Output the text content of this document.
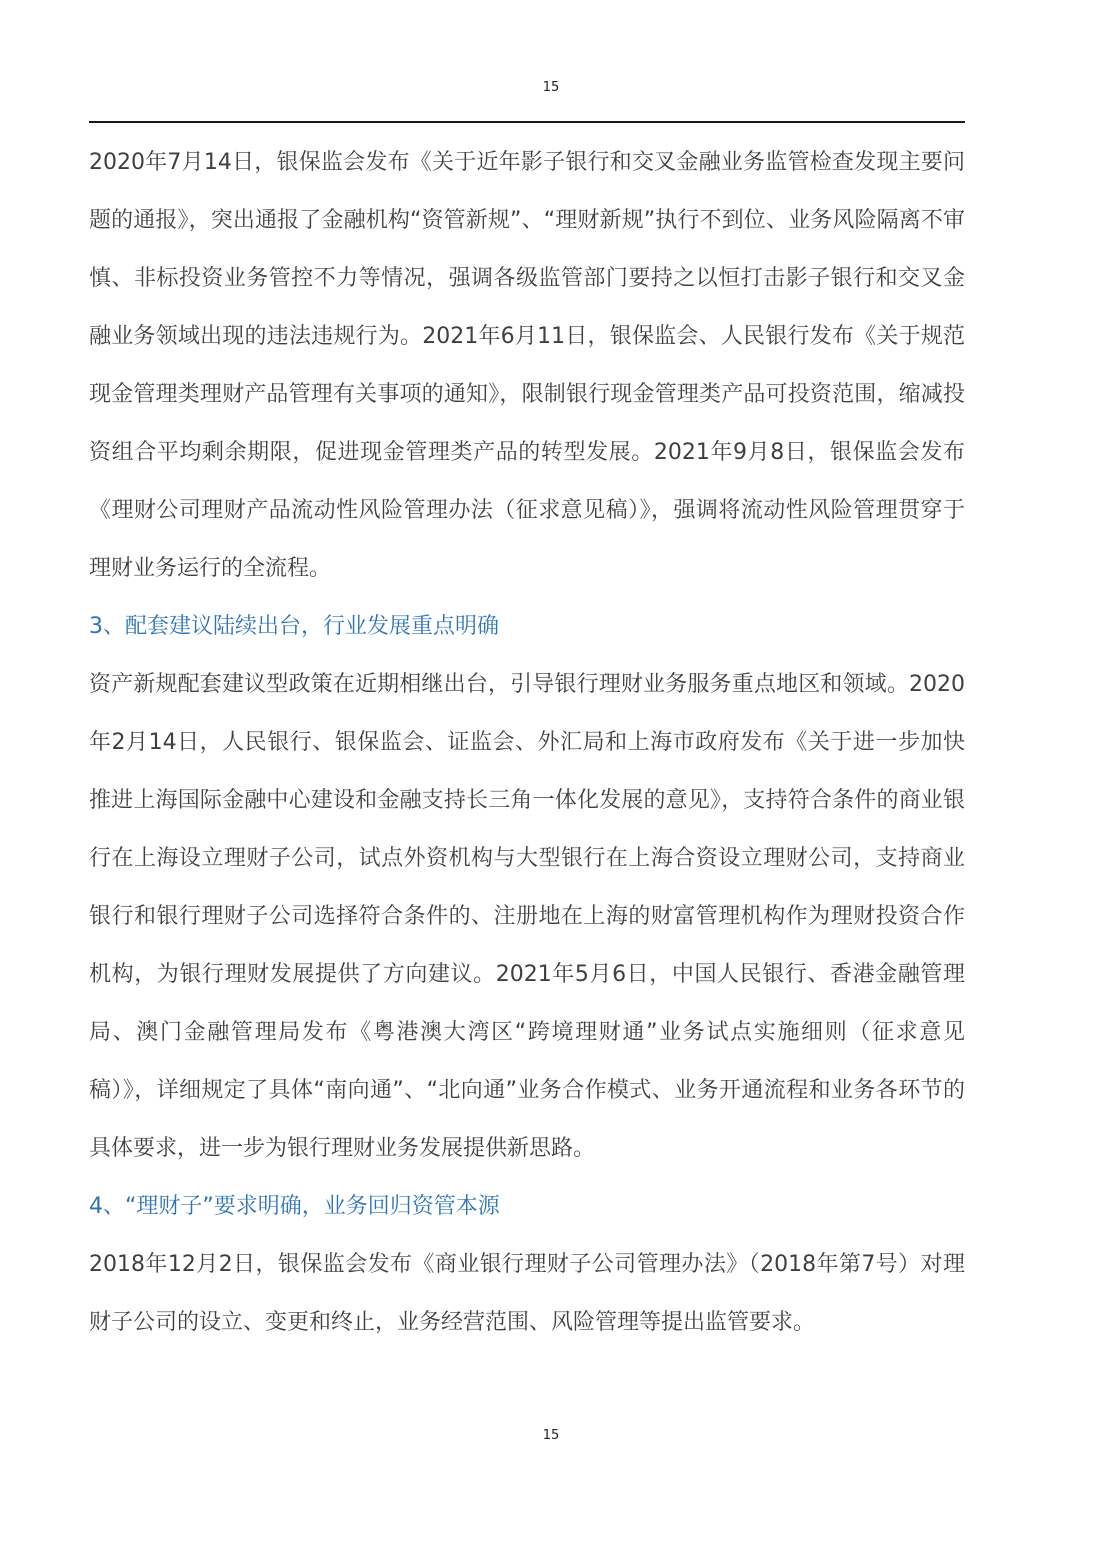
15

2020年7月14日，银保监会发布《关于近年影子银行和交叉金融业务监管检查发现主要问题的通报》，突出通报了金融机构“资管新规”、“理财新规”执行不到位、业务风险隔离不审慎、非标投资业务管控不力等情况，强调各级监管部门要持之以恒打击影子银行和交叉金融业务领域出现的违法违规行为。2021年6月11日，银保监会、人民银行发布《关于规范现金管理类理财产品管理有关事项的通知》，限制银行现金管理类产品可投资范围，缩减投资组合平均剩余期限，促进现金管理类产品的转型发展。2021年9月8日，银保监会发布《理财公司理财产品流动性风险管理办法（征求意见稿）》，强调将流动性风险管理贯穿于理财业务运行的全流程。

3、配套建议陆续出台，行业发展重点明确

资产新规配套建议型政策在近期相继出台，引导银行理财业务服务重点地区和领域。2020年2月14日，人民银行、银保监会、证监会、外汇局和上海市政府发布《关于进一步加快推进上海国际金融中心建设和金融支持长三角一体化发展的意见》，支持符合条件的商业银行在上海设立理财子公司，试点外资机构与大型银行在上海合资设立理财公司，支持商业银行和银行理财子公司选择符合条件的、注册地在上海的财富管理机构作为理财投资合作机构，为银行理财发展提供了方向建议。2021年5月6日，中国人民银行、香港金融管理局、澳门金融管理局发布《粤港澳大湾区“跨境理财通”业务试点实施细则（征求意见稿）》，详细规定了具体“南向通”、“北向通”业务合作模式、业务开通流程和业务各环节的具体要求，进一步为银行理财业务发展提供新思路。

4、“理财子”要求明确，业务回归资管本源

2018年12月2日，银保监会发布《商业银行理财子公司管理办法》（2018年第7号）对理财子公司的设立、变更和终止，业务经营范围、风险管理等提出监管要求。

15
